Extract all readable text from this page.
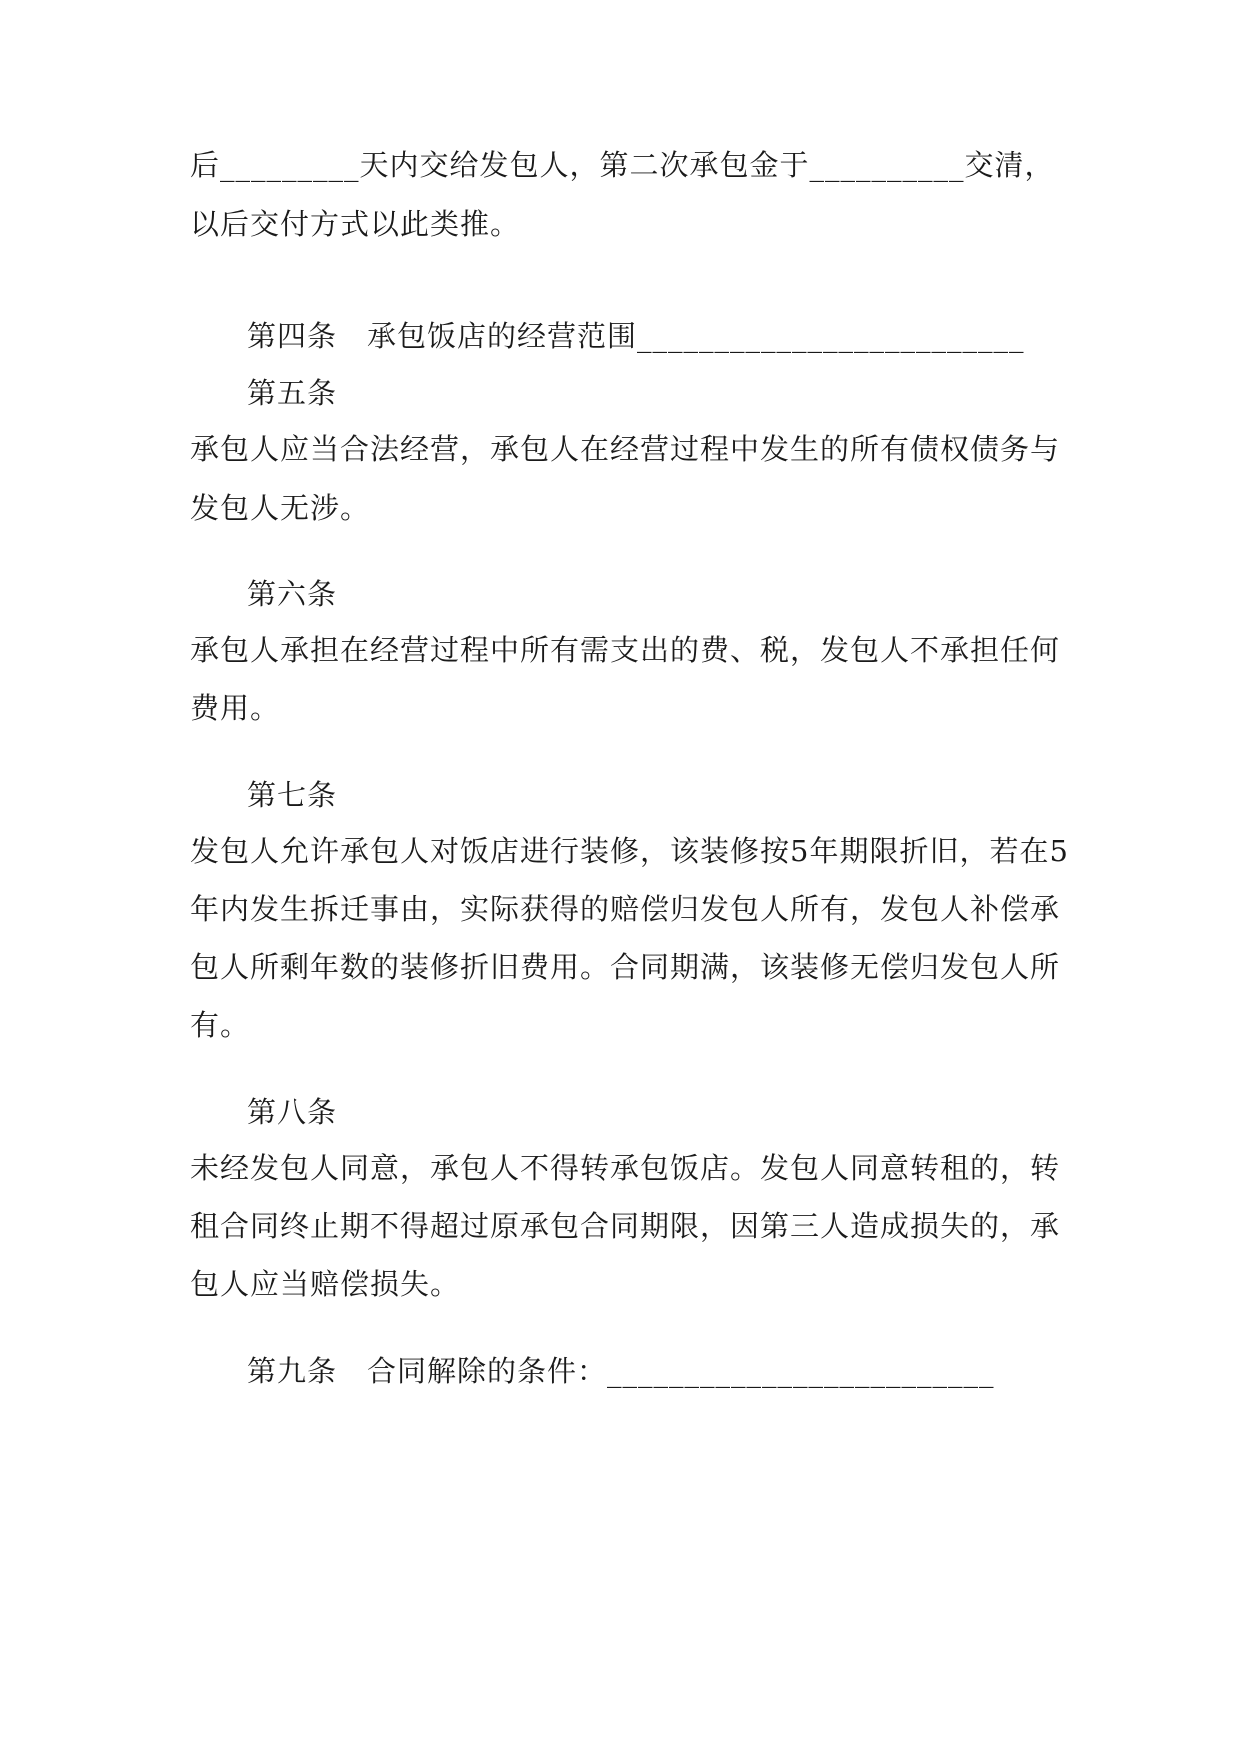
后_________天内交给发包人，第二次承包金于__________交清，
以后交付方式以此类推。
第四条　承包饭店的经营范围_________________________
第五条
承包人应当合法经营，承包人在经营过程中发生的所有债权债务与
发包人无涉。
第六条
承包人承担在经营过程中所有需支出的费、税，发包人不承担任何
费用。
第七条
发包人允许承包人对饭店进行装修，该装修按5年期限折旧，若在5
年内发生拆迁事由，实际获得的赔偿归发包人所有，发包人补偿承
包人所剩年数的装修折旧费用。合同期满，该装修无偿归发包人所
有。
第八条
未经发包人同意，承包人不得转承包饭店。发包人同意转租的，转
租合同终止期不得超过原承包合同期限，因第三人造成损失的，承
包人应当赔偿损失。
第九条　合同解除的条件：_________________________
